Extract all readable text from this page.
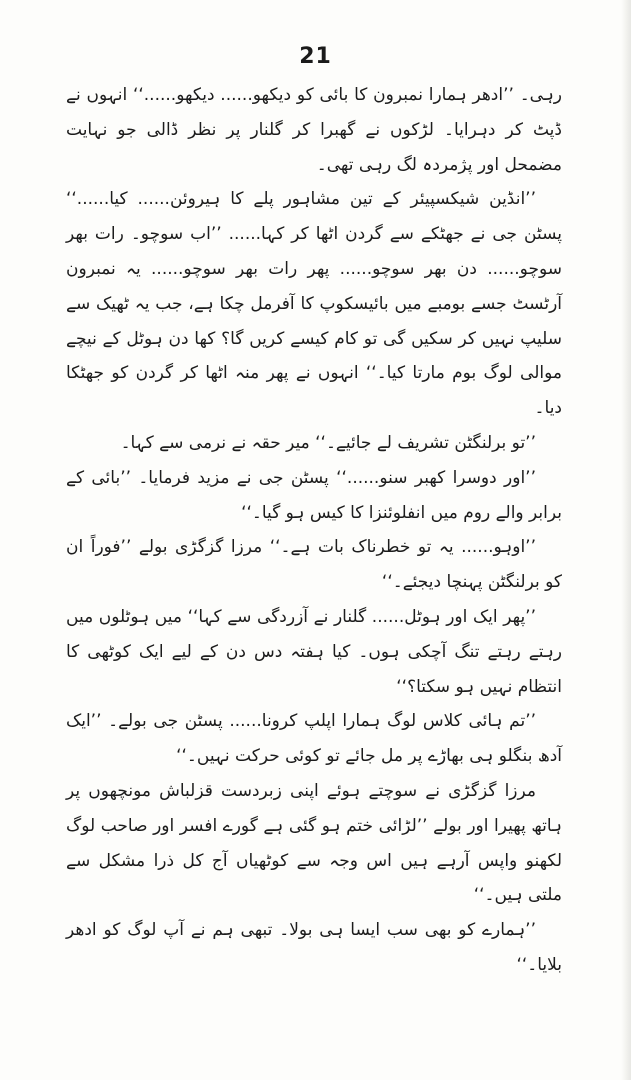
21

رہی۔ ’’ادھر ہمارا نمبرون کا بائی کو دیکھو...... دیکھو......‘‘ انہوں نے ڈپٹ کر دہرایا۔ لڑکوں نے گھبرا کر گلنار پر نظر ڈالی جو نہایت مضمحل اور پژمردہ لگ رہی تھی۔

’’انڈین شیکسپیئر کے تین مشاہور پلے کا ہیروئن...... کیا......‘‘ پسٹن جی نے جھٹکے سے گردن اٹھا کر کہا...... ’’اب سوچو۔ رات بھر سوچو...... دن بھر سوچو...... پھر رات بھر سوچو...... یہ نمبرون آرٹسٹ جسے بومبے میں بائیسکوپ کا آفرمل چکا ہے، جب یہ ٹھیک سے سلیپ نہیں کر سکیں گی تو کام کیسے کریں گا؟ کھا دن ہوٹل کے نیچے موالی لوگ بوم مارتا کیا۔‘‘ انہوں نے پھر منہ اٹھا کر گردن کو جھٹکا دیا۔

’’تو برلنگٹن تشریف لے جائیے۔‘‘ میر حقہ نے نرمی سے کہا۔

’’اور دوسرا کھبر سنو......‘‘ پسٹن جی نے مزید فرمایا۔ ’’بائی کے برابر والے روم میں انفلوئنزا کا کیس ہو گیا۔‘‘

’’اوہو...... یہ تو خطرناک بات ہے۔‘‘ مرزا گزگڑی بولے ’’فوراً ان کو برلنگٹن پہنچا دیجئے۔‘‘

’’پھر ایک اور ہوٹل...... گلنار نے آزردگی سے کہا‘‘ میں ہوٹلوں میں رہتے رہتے تنگ آچکی ہوں۔ کیا ہفتہ دس دن کے لیے ایک کوٹھی کا انتظام نہیں ہو سکتا؟‘‘

’’تم ہائی کلاس لوگ ہمارا اپلپ کرونا...... پسٹن جی بولے۔ ’’ایک آدھ بنگلو ہی بھاڑے پر مل جائے تو کوئی حرکت نہیں۔‘‘

مرزا گزگڑی نے سوچتے ہوئے اپنی زبردست قزلباش مونچھوں پر ہاتھ پھیرا اور بولے ’’لڑائی ختم ہو گئی ہے گورے افسر اور صاحب لوگ لکھنو واپس آرہے ہیں اس وجہ سے کوٹھیاں آج کل ذرا مشکل سے ملتی ہیں۔‘‘

’’ہمارے کو بھی سب ایسا ہی بولا۔ تبھی ہم نے آپ لوگ کو ادھر بلایا۔‘‘
